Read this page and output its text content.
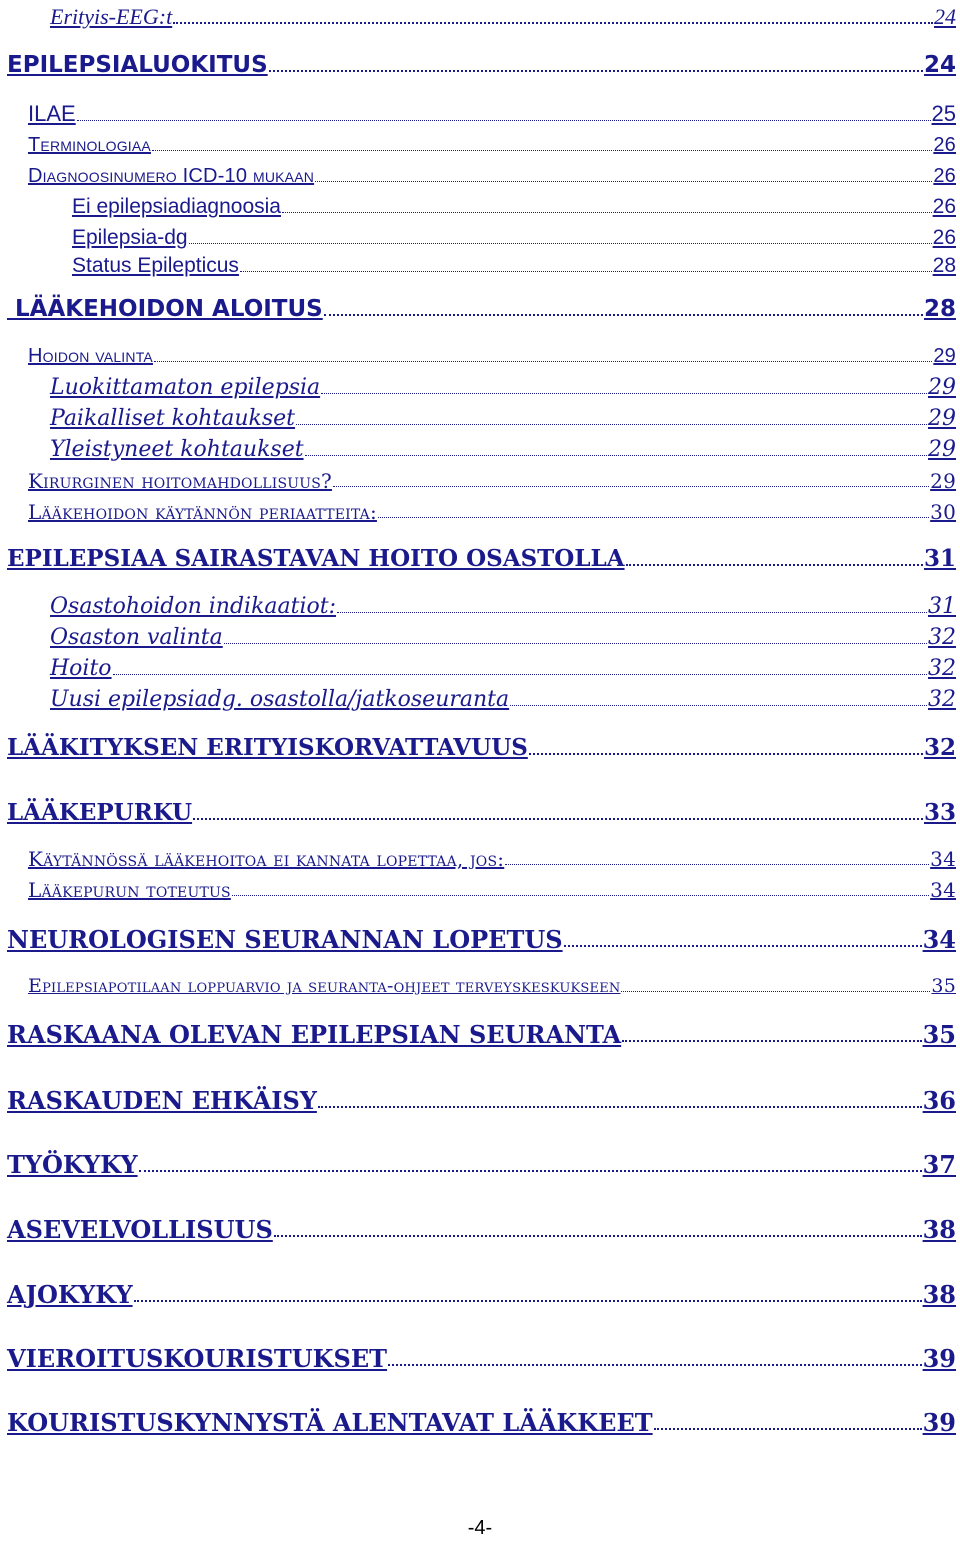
Erityis-EEG:t	24
EPILEPSIALUOKITUS	24
ILAE	25
Terminologiaa	26
Diagnoosinumero ICD-10 mukaan	26
Ei epilepsiadiagnoosia	26
Epilepsia-dg	26
Status Epilepticus	28
LÄÄKEHOIDON ALOITUS	28
Hoidon valinta	29
Luokittamaton epilepsia	29
Paikalliset kohtaukset	29
Yleistyneet kohtaukset	29
Kirurginen hoitomahdollisuus?	29
Lääkehoidon käytännön periaatteita:	30
EPILEPSIAA SAIRASTAVAN HOITO OSASTOLLA	31
Osastohoidon indikaatiot:	31
Osaston valinta	32
Hoito	32
Uusi epilepsiadg. osastolla/jatkoseuranta	32
LÄÄKITYKSEN ERITYISKORVATTAVUUS	32
LÄÄKEPURKU	33
Käytännössä lääkehoitoa ei kannata lopettaa, jos:	34
Lääkepurun toteutus	34
NEUROLOGISEN SEURANNAN LOPETUS	34
Epilepsiapotilaan loppuarvio ja seuranta-ohjeet terveyskeskukseen	35
RASKAANA OLEVAN EPILEPSIAN SEURANTA	35
RASKAUDEN EHKÄISY	36
TYÖKYKY	37
ASEVELVOLLISUUS	38
AJOKYKY	38
VIEROITUSKOURISTUKSET	39
KOURISTUSKYNNYSTÄ ALENTAVAT LÄÄKKEET	39
-4-
